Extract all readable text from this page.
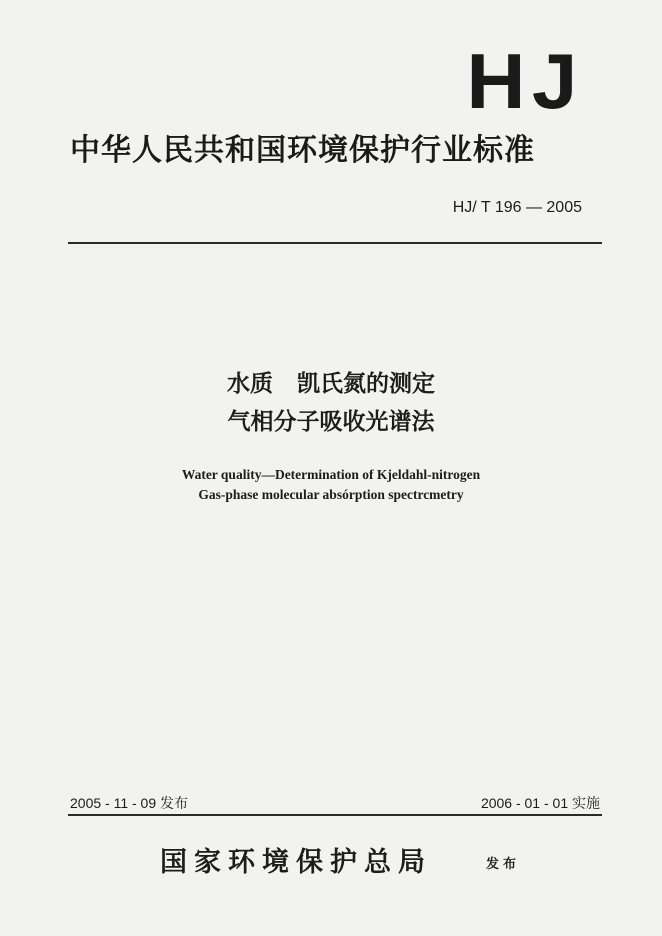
HJ
中华人民共和国环境保护行业标准
HJ/ T 196 — 2005
水质   凯氏氮的测定
气相分子吸收光谱法
Water quality—Determination of Kjeldahl-nitrogen
Gas-phase molecular absórption spectrcmetry
2005 - 11 - 09 发布	2006 - 01 - 01 实施
国家环境保护总局	发布
